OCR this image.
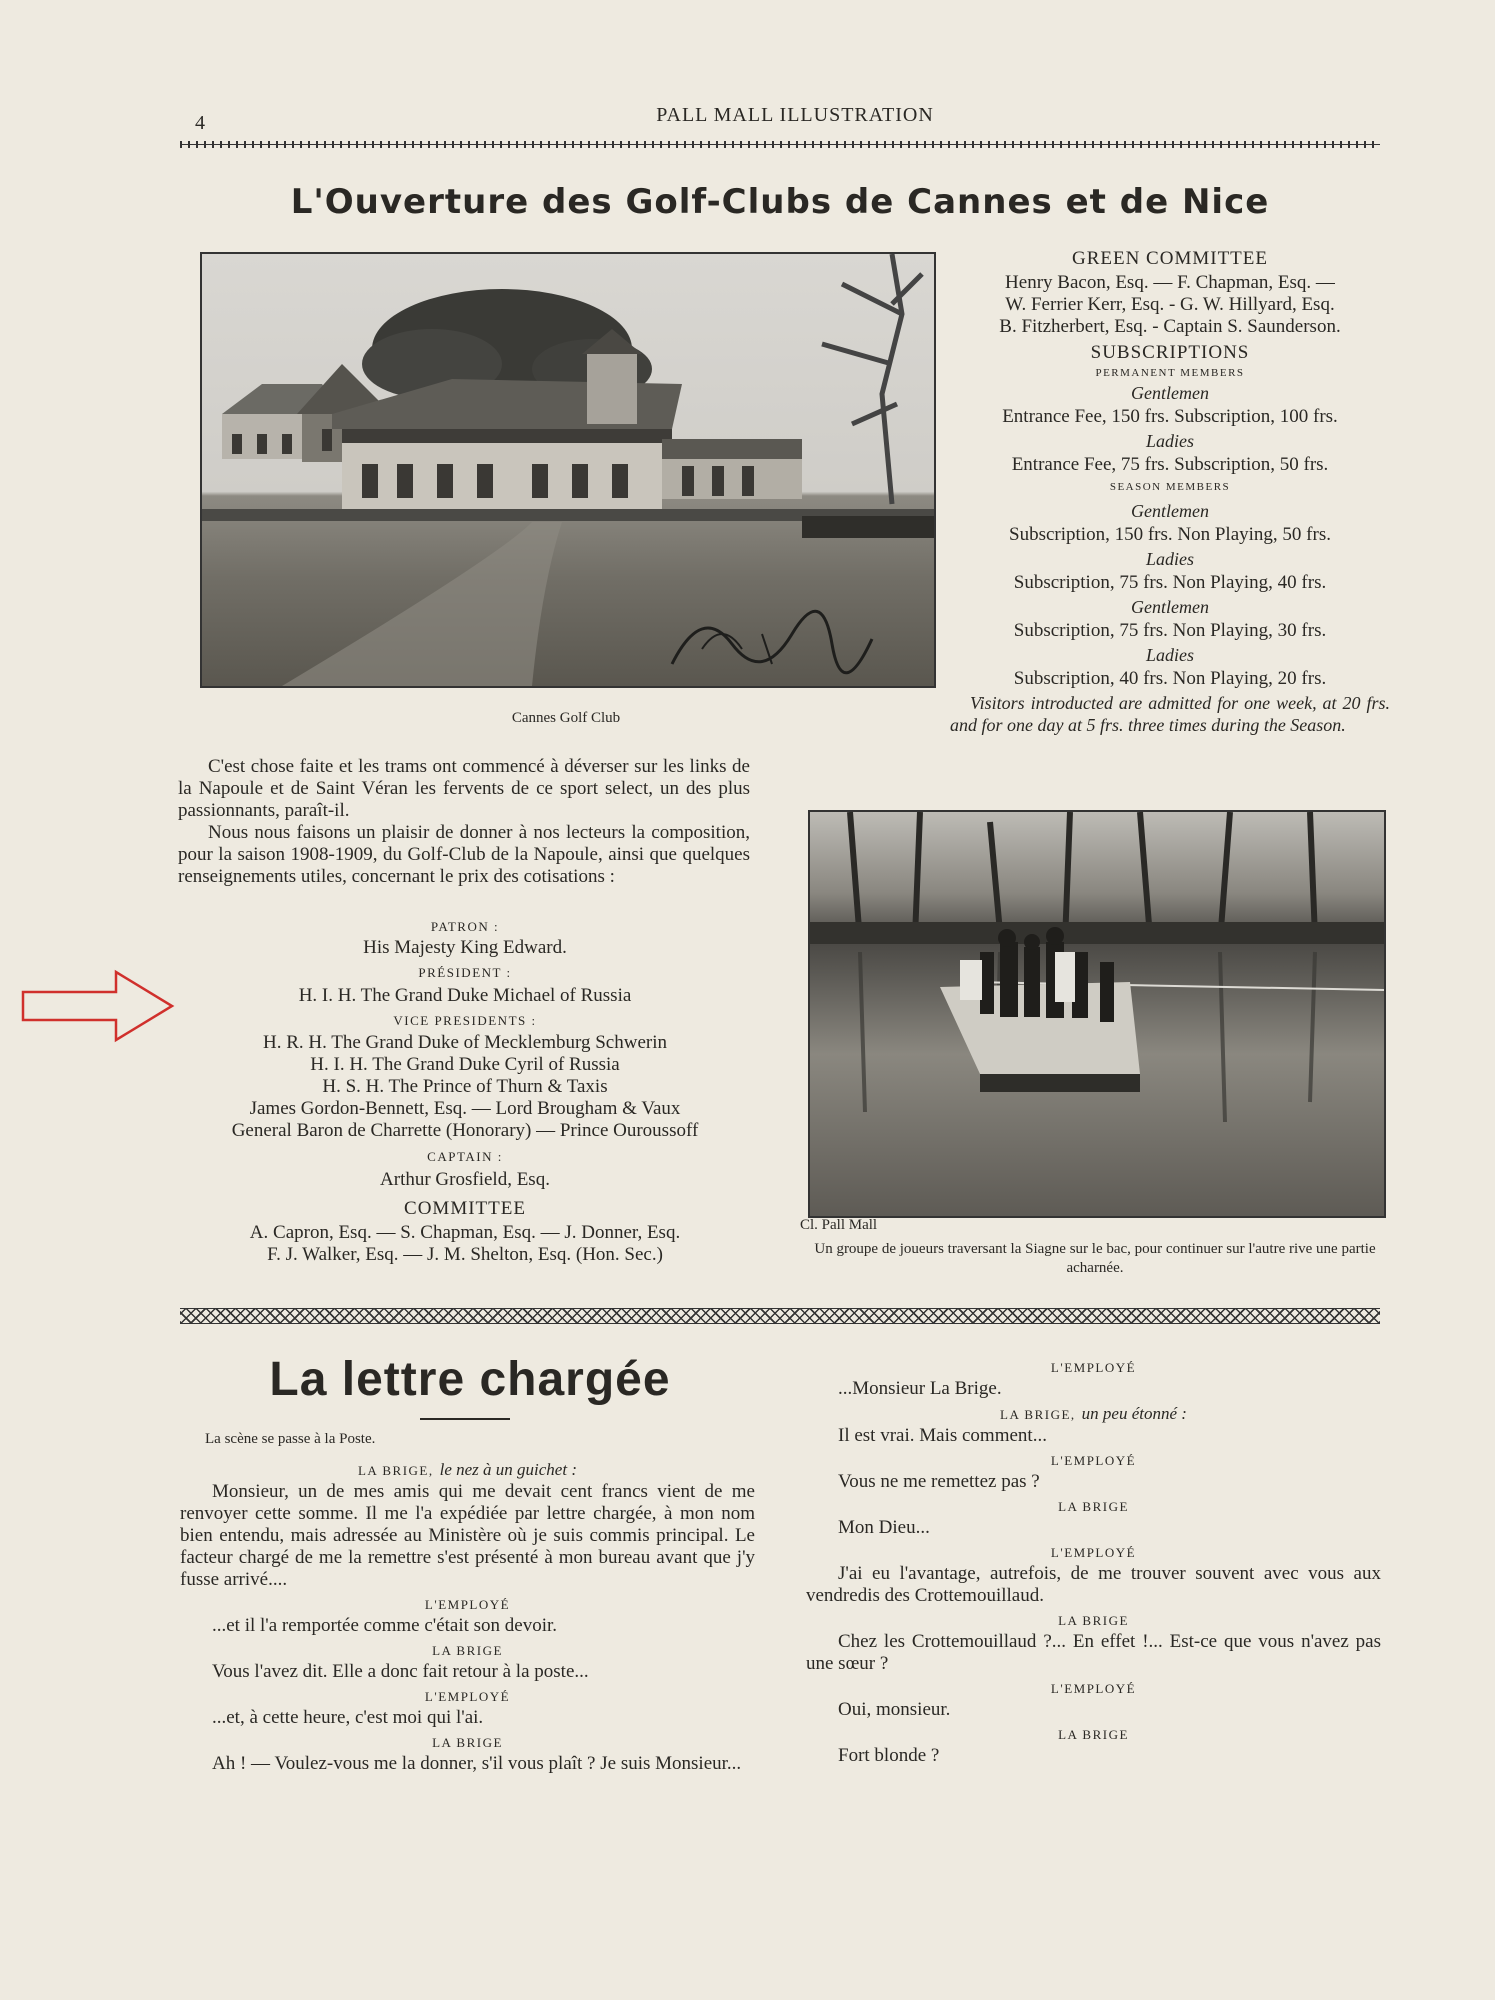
4	PALL MALL ILLUSTRATION
L'Ouverture des Golf-Clubs de Cannes et de Nice
Cannes Golf Club
C'est chose faite et les trams ont commencé à déverser sur les links de la Napoule et de Saint Véran les fervents de ce sport select, un des plus passionnants, paraît-il.
Nous nous faisons un plaisir de donner à nos lecteurs la composition, pour la saison 1908-1909, du Golf-Club de la Napoule, ainsi que quelques renseignements utiles, concernant le prix des cotisations :
PATRON :
His Majesty King Edward.
PRÉSIDENT :
H. I. H. The Grand Duke Michael of Russia
VICE PRESIDENTS :
H. R. H. The Grand Duke of Mecklemburg Schwerin
H. I. H. The Grand Duke Cyril of Russia
H. S. H. The Prince of Thurn & Taxis
James Gordon-Bennett, Esq. — Lord Brougham & Vaux
General Baron de Charrette (Honorary) — Prince Ouroussoff
CAPTAIN :
Arthur Grosfield, Esq.
COMMITTEE
A. Capron, Esq. — S. Chapman, Esq. — J. Donner, Esq.
F. J. Walker, Esq. — J. M. Shelton, Esq. (Hon. Sec.)
GREEN COMMITTEE
Henry Bacon, Esq. — F. Chapman, Esq. —
W. Ferrier Kerr, Esq. - G. W. Hillyard, Esq.
B. Fitzherbert, Esq. - Captain S. Saunderson.
SUBSCRIPTIONS
PERMANENT MEMBERS
Gentlemen
Entrance Fee, 150 frs. Subscription, 100 frs.
Ladies
Entrance Fee, 75 frs. Subscription, 50 frs.
SEASON MEMBERS
Gentlemen
Subscription, 150 frs. Non Playing, 50 frs.
Ladies
Subscription, 75 frs. Non Playing, 40 frs.
Gentlemen
Subscription, 75 frs. Non Playing, 30 frs.
Ladies
Subscription, 40 frs. Non Playing, 20 frs.
Visitors introducted are admitted for one week, at 20 frs. and for one day at 5 frs. three times during the Season.
Cl. Pall Mall
Un groupe de joueurs traversant la Siagne sur le bac, pour continuer sur l'autre rive une partie acharnée.
La lettre chargée
La scène se passe à la Poste.
LA BRIGE, le nez à un guichet :
Monsieur, un de mes amis qui me devait cent francs vient de me renvoyer cette somme. Il me l'a expédiée par lettre chargée, à mon nom bien entendu, mais adressée au Ministère où je suis commis principal. Le facteur chargé de me la remettre s'est présenté à mon bureau avant que j'y fusse arrivé....
L'EMPLOYÉ
...et il l'a remportée comme c'était son devoir.
LA BRIGE
Vous l'avez dit. Elle a donc fait retour à la poste...
L'EMPLOYÉ
...et, à cette heure, c'est moi qui l'ai.
LA BRIGE
Ah ! — Voulez-vous me la donner, s'il vous plaît ? Je suis Monsieur...
L'EMPLOYÉ
...Monsieur La Brige.
LA BRIGE, un peu étonné :
Il est vrai. Mais comment...
L'EMPLOYÉ
Vous ne me remettez pas ?
LA BRIGE
Mon Dieu...
L'EMPLOYÉ
J'ai eu l'avantage, autrefois, de me trouver souvent avec vous aux vendredis des Crottemouillaud.
LA BRIGE
Chez les Crottemouillaud ?... En effet !... Est-ce que vous n'avez pas une sœur ?
L'EMPLOYÉ
Oui, monsieur.
LA BRIGE
Fort blonde ?
